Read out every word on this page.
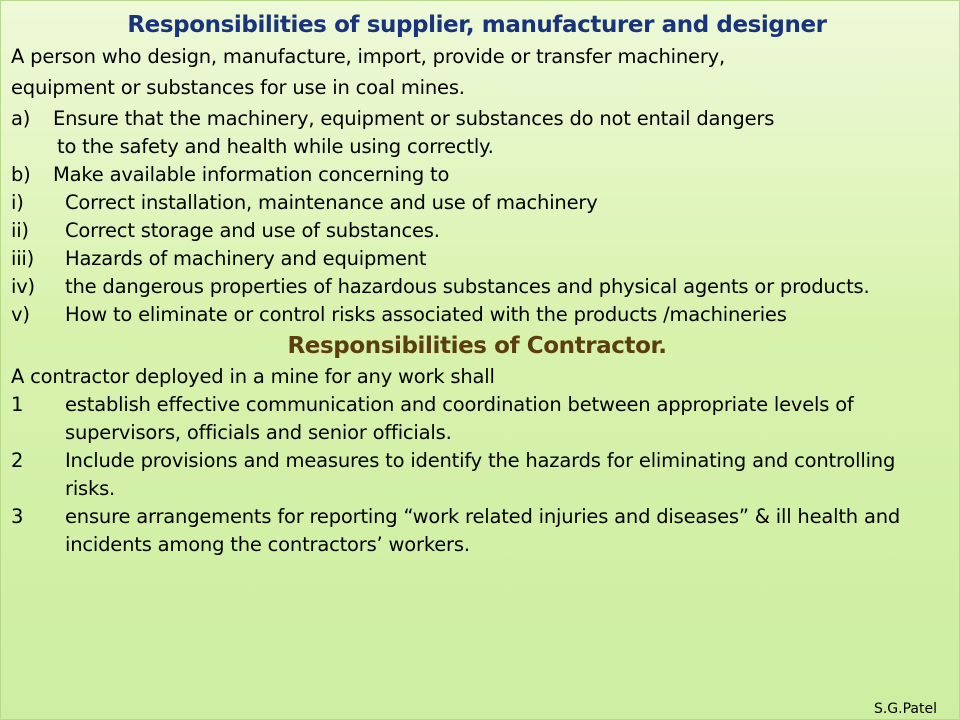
Responsibilities of supplier, manufacturer and designer
A person who design, manufacture, import, provide or transfer machinery,
equipment or substances for use in coal mines.
a) Ensure that the machinery, equipment or substances do not entail dangers
to the safety and health while using correctly.
b) Make available information concerning to
i) Correct installation, maintenance and use of machinery
ii) Correct storage and use of substances.
iii) Hazards of machinery and equipment
iv) the dangerous properties of hazardous substances and physical agents or products.
v) How to eliminate or control risks associated with the products /machineries
Responsibilities of Contractor.
A contractor deployed in a mine for any work shall
1 establish effective communication and coordination between appropriate levels of supervisors, officials and senior officials.
2 Include provisions and measures to identify the hazards for eliminating and controlling risks.
3 ensure arrangements for reporting “work related injuries and diseases” & ill health and incidents among the contractors’ workers.
S.G.Patel
